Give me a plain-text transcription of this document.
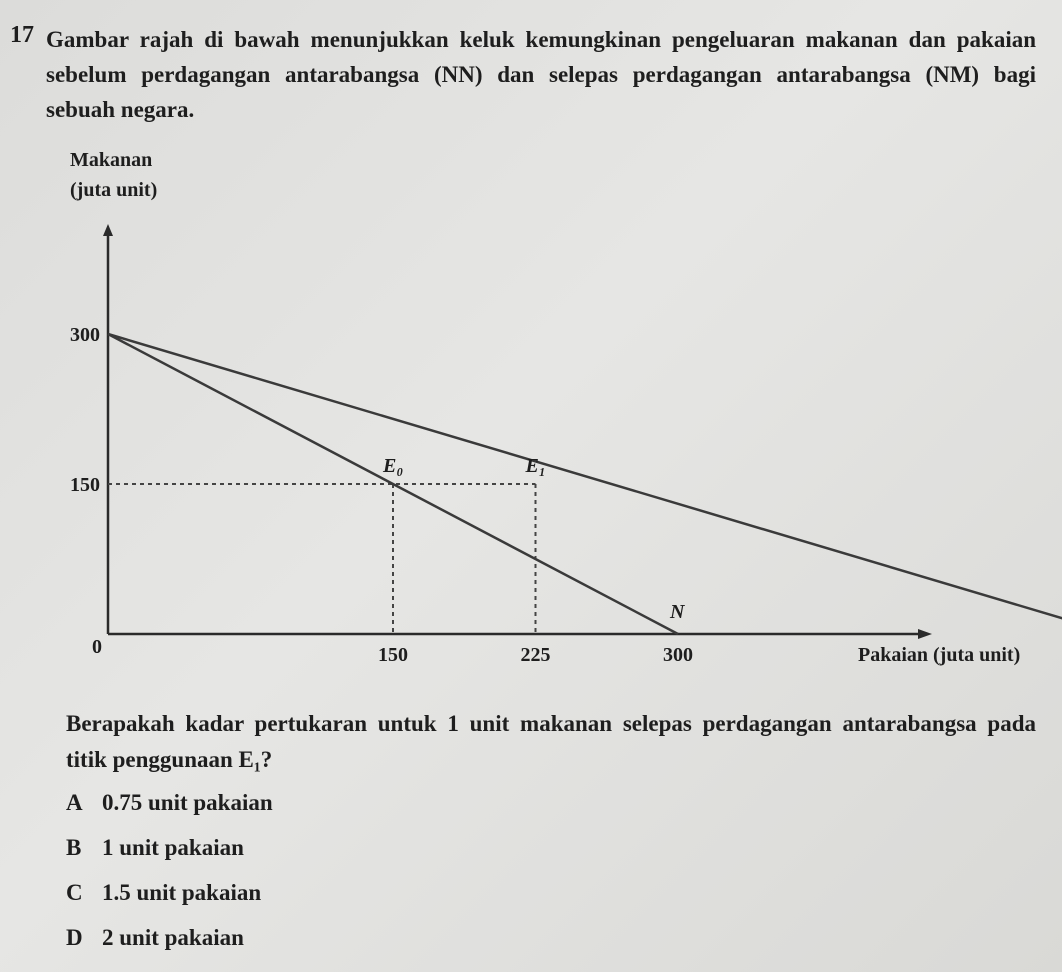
17 Gambar rajah di bawah menunjukkan keluk kemungkinan pengeluaran makanan dan pakaian
sebelum perdagangan antarabangsa (NN) dan selepas perdagangan antarabangsa (NM) bagi
sebuah negara.
Makanan
(juta unit)
Pakaian (juta unit)
0
N
E₀	E₁
150	225	300
150
300
Berapakah kadar pertukaran untuk 1 unit makanan selepas perdagangan antarabangsa pada
titik penggunaan E₁?
A 0.75 unit pakaian
B 1 unit pakaian
C 1.5 unit pakaian
D 2 unit pakaian
